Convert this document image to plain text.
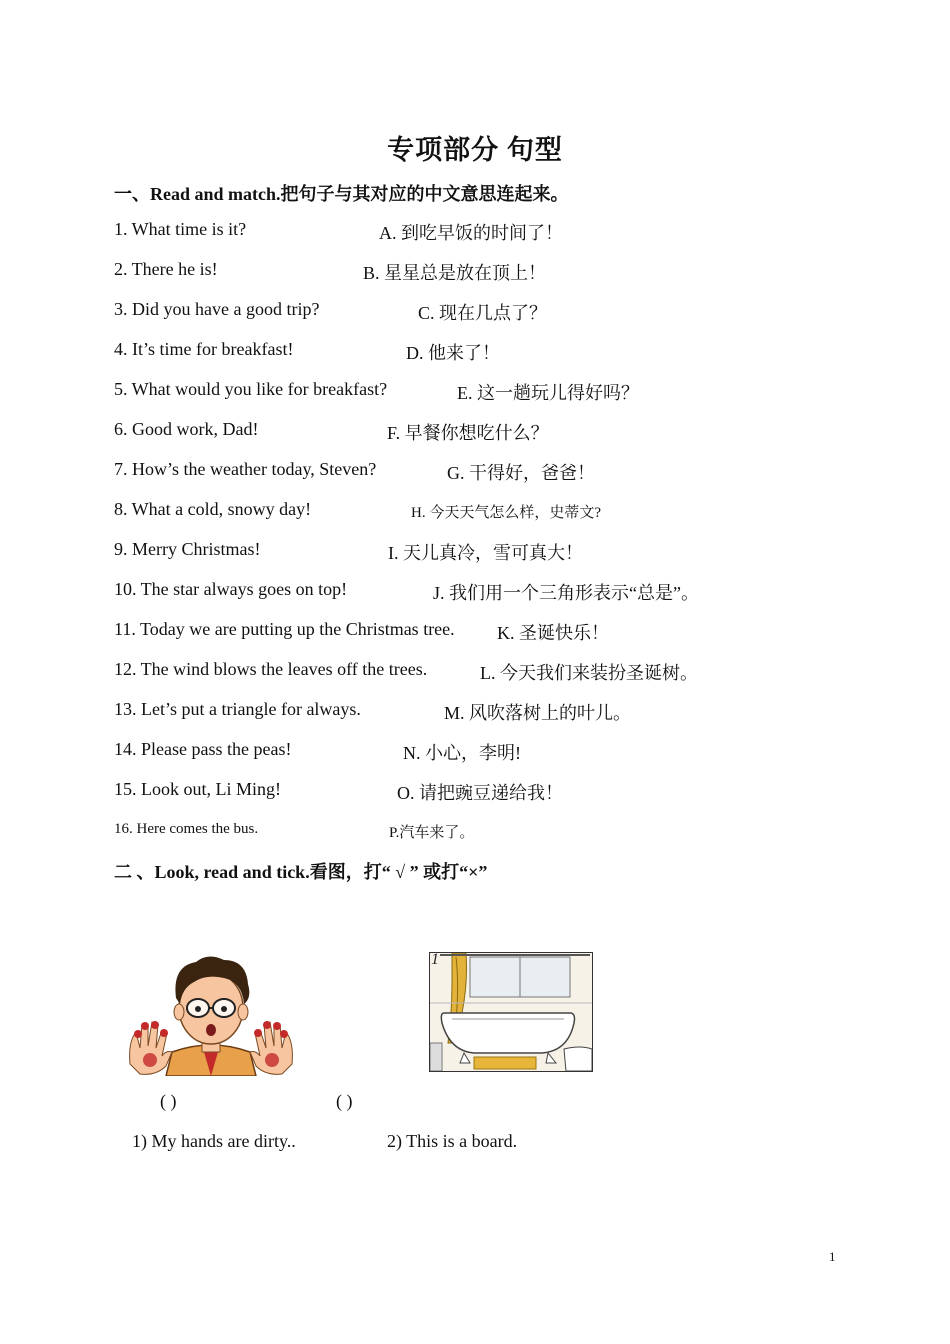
专项部分 句型
一、Read and match.把句子与其对应的中文意思连起来。
1. What time is it?	A. 到吃早饭的时间了！
2. There he is!	B. 星星总是放在顶上！
3. Did you have a good trip?	C. 现在几点了？
4. It’s time for breakfast!	D. 他来了！
5. What would you like for breakfast?	E. 这一趟玩儿得好吗？
6. Good work, Dad!	F. 早餐你想吃什么？
7. How’s the weather today, Steven?	G. 干得好，爸爸！
8. What a cold, snowy day!	H. 今天天气怎么样，史蒂文?
9. Merry Christmas!	I. 天儿真冷，雪可真大！
10. The star always goes on top!	J. 我们用一个三角形表示“总是”。
11. Today we are putting up the Christmas tree. K. 圣诞快乐！
12. The wind blows the leaves off the trees.	L. 今天我们来装扮圣诞树。
13. Let’s put a triangle for always.	M. 风吹落树上的叶儿。
14. Please pass the peas!	N. 小心，李明!
15. Look out, Li Ming!	O. 请把豌豆递给我！
16. Here comes the bus.	P.汽车来了。
二 、Look, read and tick.看图，打“ √ ” 或打“×”
1
( )	( )
1) My hands are dirty..	2) This is a board.
1
